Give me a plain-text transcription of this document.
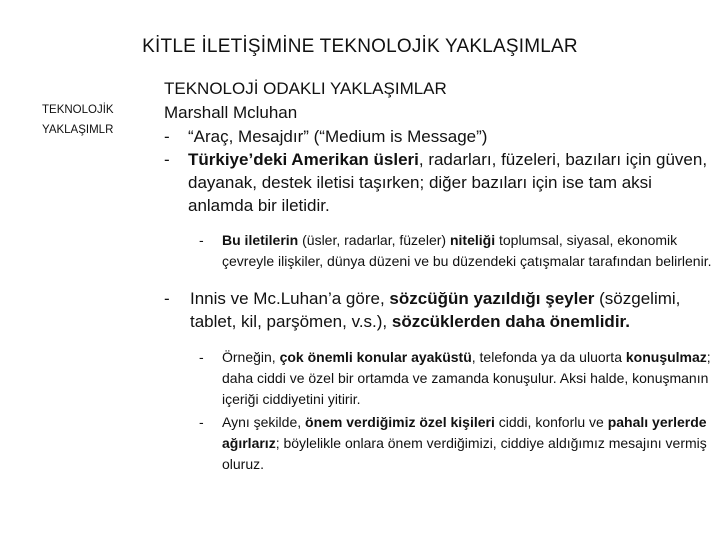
KİTLE İLETİŞİMİNE TEKNOLOJİK YAKLAŞIMLAR
TEKNOLOJİK
YAKLAŞIMLR
TEKNOLOJİ ODAKLI YAKLAŞIMLAR
Marshall Mcluhan
- “Araç, Mesajdır” (“Medium is Message”)
- Türkiye’deki Amerikan üsleri, radarları, füzeleri, bazıları için güven, dayanak, destek iletisi taşırken; diğer bazıları için ise tam aksi anlamda bir iletidir.
- Bu iletilerin (üsler, radarlar, füzeler) niteliği toplumsal, siyasal, ekonomik çevreyle ilişkiler, dünya düzeni ve bu düzendeki çatışmalar tarafından belirlenir.
- Innis ve Mc.Luhan’a göre, sözcüğün yazıldığı şeyler (sözgelimi, tablet, kil, parşömen, v.s.), sözcüklerden daha önemlidir.
- Örneğin, çok önemli konular ayaküstü, telefonda ya da uluorta konuşulmaz; daha ciddi ve özel bir ortamda ve zamanda konuşulur. Aksi halde, konuşmanın içeriği ciddiyetini yitirir.
- Aynı şekilde, önem verdiğimiz özel kişileri ciddi, konforlu ve pahalı yerlerde ağırlarız; böylelikle onlara önem verdiğimizi, ciddiye aldığımız mesajını vermiş oluruz.
